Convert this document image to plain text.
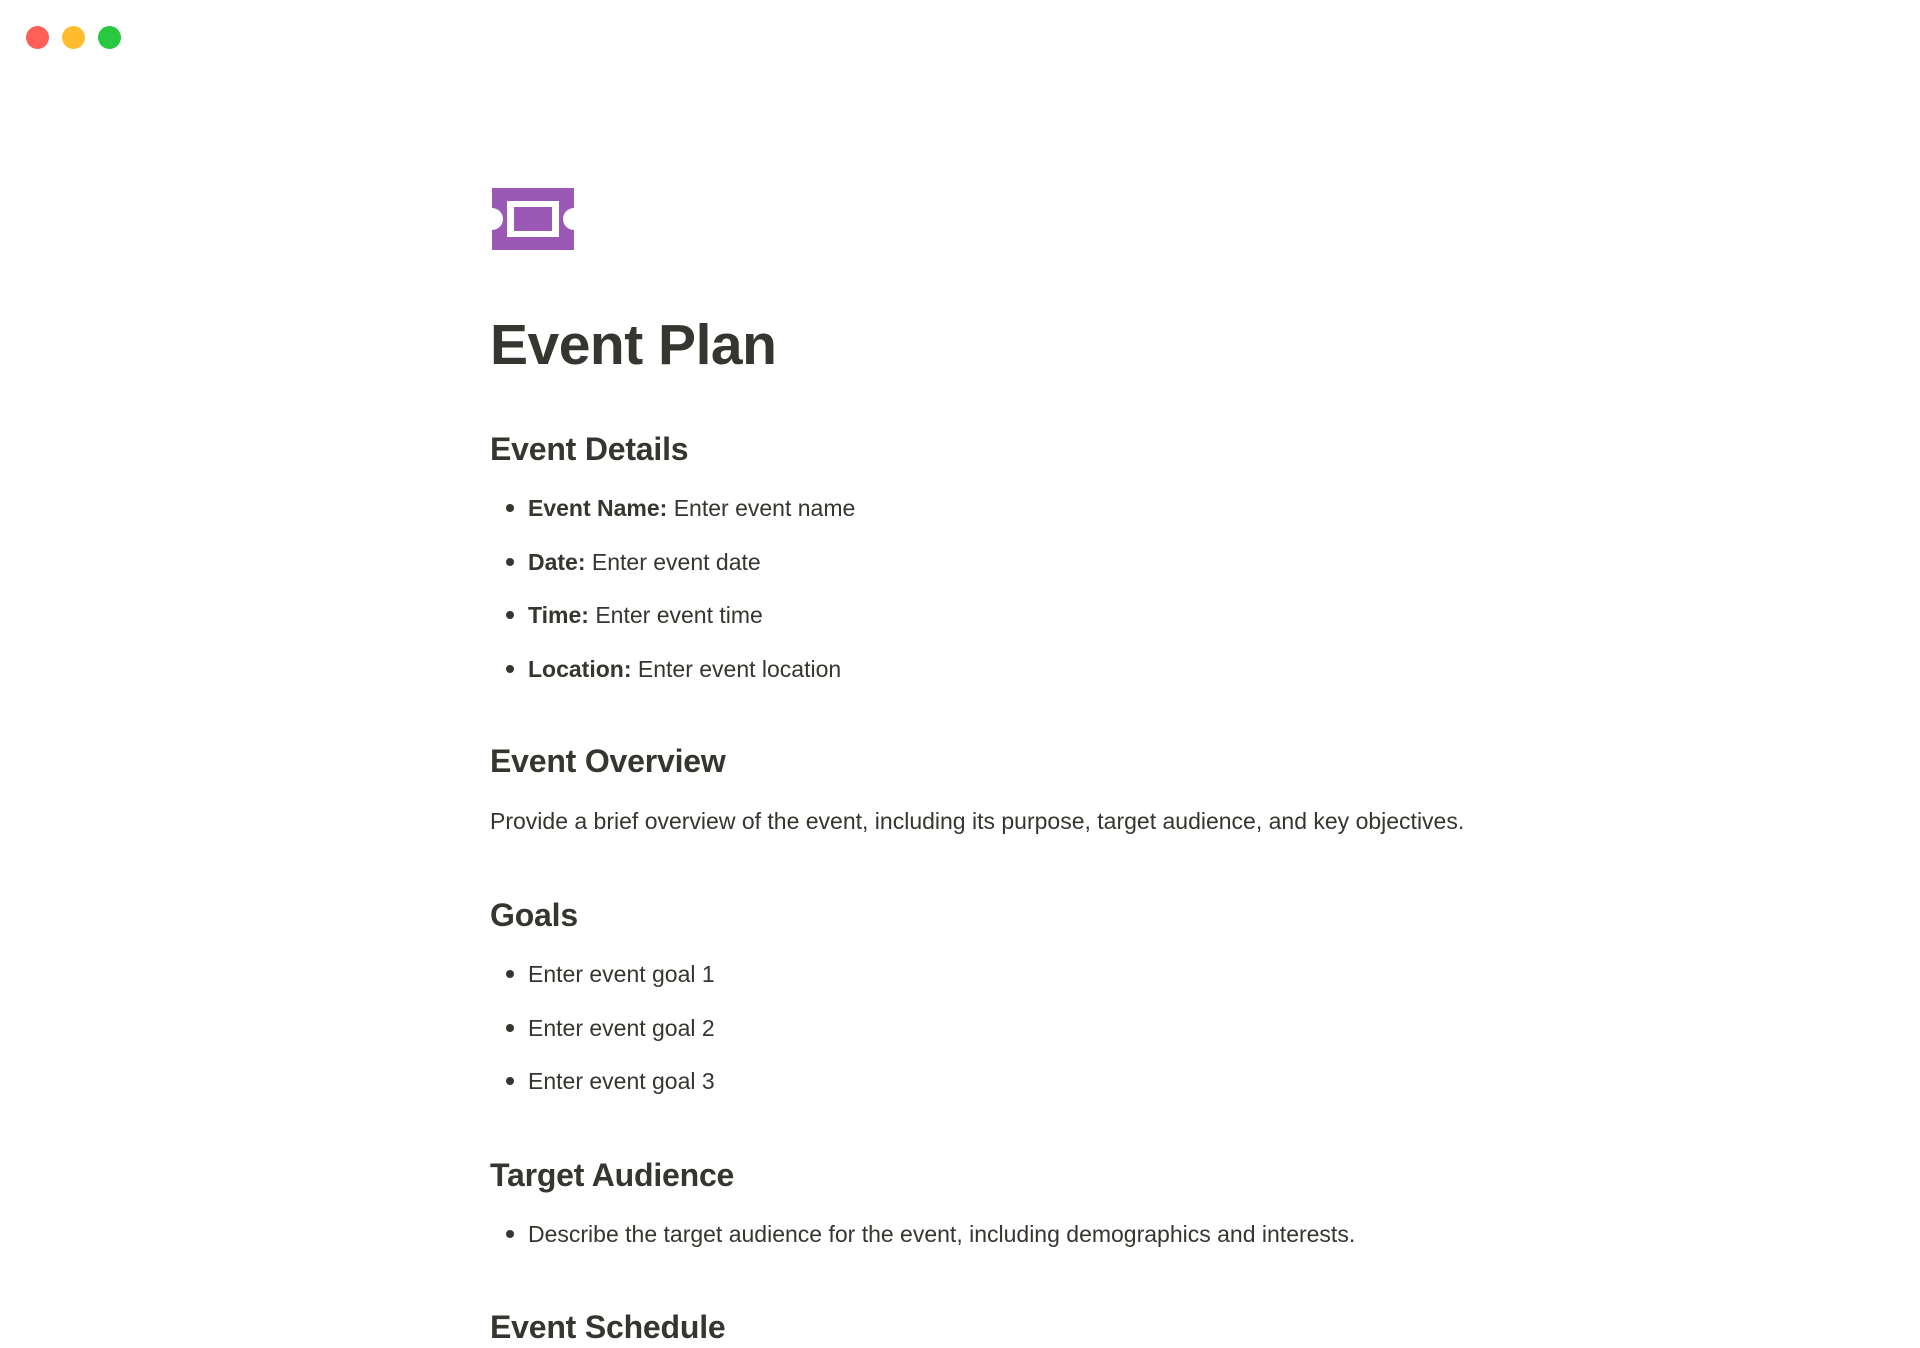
Event Plan
Event Details
Event Name: Enter event name
Date: Enter event date
Time: Enter event time
Location: Enter event location
Event Overview

Provide a brief overview of the event, including its purpose, target audience, and key objectives.

Goals
Enter event goal 1
Enter event goal 2
Enter event goal 3
Target Audience
Describe the target audience for the event, including demographics and interests.
Event Schedule
